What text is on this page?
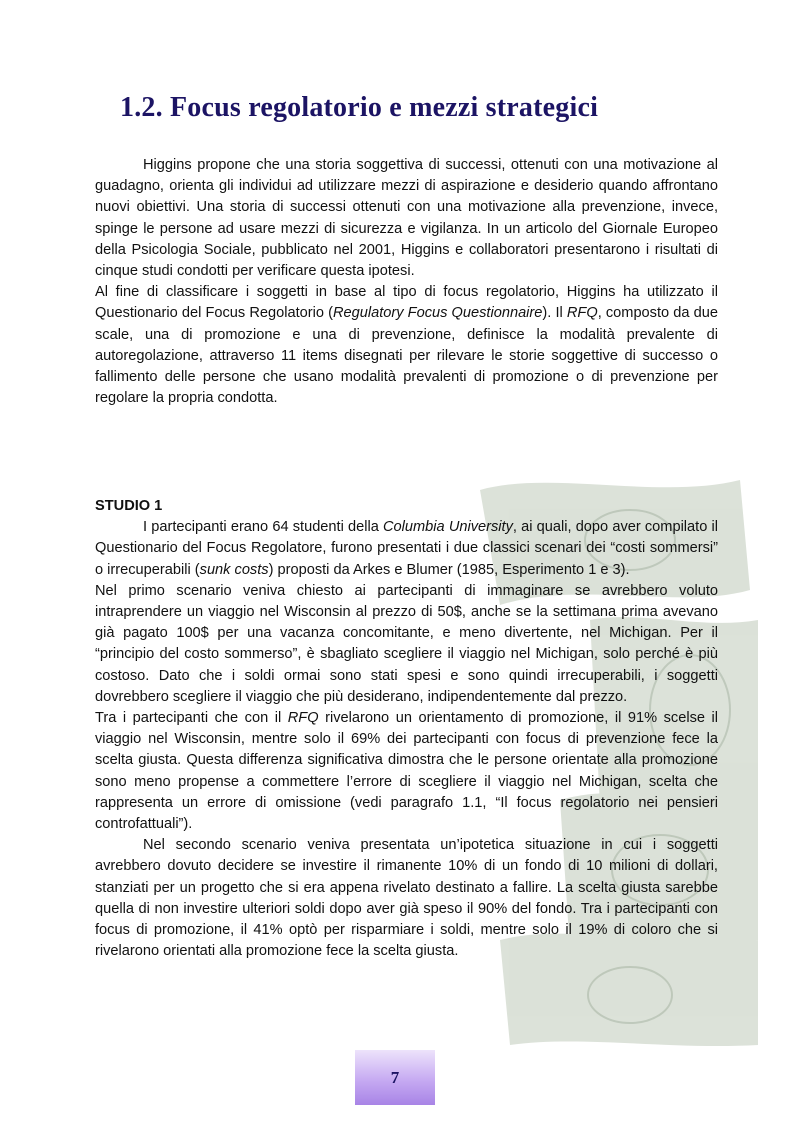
1.2. Focus regolatorio e mezzi strategici

Higgins propone che una storia soggettiva di successi, ottenuti con una motivazione al guadagno, orienta gli individui ad utilizzare mezzi di aspirazione e desiderio quando affrontano nuovi obiettivi. Una storia di successi ottenuti con una motivazione alla prevenzione, invece, spinge le persone ad usare mezzi di sicurezza e vigilanza. In un articolo del Giornale Europeo della Psicologia Sociale, pubblicato nel 2001, Higgins e collaboratori presentarono i risultati di cinque studi condotti per verificare questa ipotesi.

Al fine di classificare i soggetti in base al tipo di focus regolatorio, Higgins ha utilizzato il Questionario del Focus Regolatorio (Regulatory Focus Questionnaire). Il RFQ, composto da due scale, una di promozione e una di prevenzione, definisce la modalità prevalente di autoregolazione, attraverso 11 items disegnati per rilevare le storie soggettive di successo o fallimento delle persone che usano modalità prevalenti di promozione o di prevenzione per regolare la propria condotta.

STUDIO 1

I partecipanti erano 64 studenti della Columbia University, ai quali, dopo aver compilato il Questionario del Focus Regolatore, furono presentati i due classici scenari dei “costi sommersi” o irrecuperabili (sunk costs) proposti da Arkes e Blumer (1985, Esperimento 1 e 3).

Nel primo scenario veniva chiesto ai partecipanti di immaginare se avrebbero voluto intraprendere un viaggio nel Wisconsin al prezzo di 50$, anche se la settimana prima avevano già pagato 100$ per una vacanza concomitante, e meno divertente, nel Michigan. Per il “principio del costo sommerso”, è sbagliato scegliere il viaggio nel Michigan, solo perché è più costoso. Dato che i soldi ormai sono stati spesi e sono quindi irrecuperabili, i soggetti dovrebbero scegliere il viaggio che più desiderano, indipendentemente dal prezzo.

Tra i partecipanti che con il RFQ rivelarono un orientamento di promozione, il 91% scelse il viaggio nel Wisconsin, mentre solo il 69% dei partecipanti con focus di prevenzione fece la scelta giusta. Questa differenza significativa dimostra che le persone orientate alla promozione sono meno propense a commettere l’errore di scegliere il viaggio nel Michigan, scelta che rappresenta un errore di omissione (vedi paragrafo 1.1, “Il focus regolatorio nei pensieri controfattuali”).

Nel secondo scenario veniva presentata un’ipotetica situazione in cui i soggetti avrebbero dovuto decidere se investire il rimanente 10% di un fondo di 10 milioni di dollari, stanziati per un progetto che si era appena rivelato destinato a fallire. La scelta giusta sarebbe quella di non investire ulteriori soldi dopo aver già speso il 90% del fondo. Tra i partecipanti con focus di promozione, il 41% optò per risparmiare i soldi, mentre solo il 19% di coloro che si rivelarono orientati alla promozione fece la scelta giusta.

7
